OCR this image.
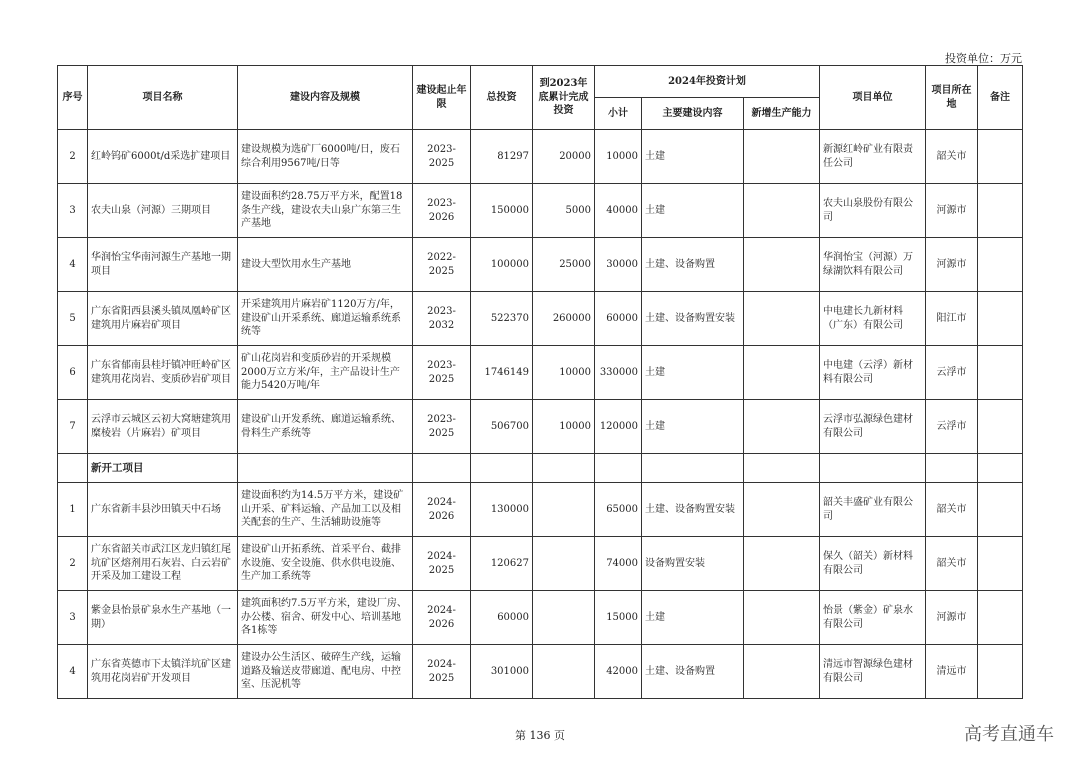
投资单位：万元
序号	项目名称	建设内容及规模	建设起止年限	总投资	到2023年底累计完成投资	2024年投资计划			项目单位	项目所在地	备注
						小计	主要建设内容	新增生产能力			
2	红岭钨矿6000t/d采选扩建项目	建设规模为选矿厂6000吨/日，废石综合利用9567吨/日等	2023-2025	81297	20000	10000	土建		新源红岭矿业有限责任公司	韶关市	
3	农夫山泉（河源）三期项目	建设面积约28.75万平方米，配置18条生产线，建设农夫山泉广东第三生产基地	2023-2026	150000	5000	40000	土建		农夫山泉股份有限公司	河源市	
4	华润怡宝华南河源生产基地一期项目	建设大型饮用水生产基地	2022-2025	100000	25000	30000	土建、设备购置		华润怡宝（河源）万绿湖饮料有限公司	河源市	
5	广东省阳西县溪头镇凤凰岭矿区建筑用片麻岩矿项目	开采建筑用片麻岩矿1120万方/年，建设矿山开采系统、廊道运输系统系统等	2023-2032	522370	260000	60000	土建、设备购置安装		中电建长九新材料（广东）有限公司	阳江市	
6	广东省郁南县桂圩镇冲旺岭矿区建筑用花岗岩、变质砂岩矿项目	矿山花岗岩和变质砂岩的开采规模2000万立方米/年，主产品设计生产能力5420万吨/年	2023-2025	1746149	10000	330000	土建		中电建（云浮）新材料有限公司	云浮市	
7	云浮市云城区云初大窝塘建筑用糜棱岩（片麻岩）矿项目	建设矿山开发系统、廊道运输系统、骨料生产系统等	2023-2025	506700	10000	120000	土建		云浮市弘源绿色建材有限公司	云浮市	
	新开工项目										
1	广东省新丰县沙田镇天中石场	建设面积约为14.5万平方米，建设矿山开采、矿料运输、产品加工以及相关配套的生产、生活辅助设施等	2024-2026	130000		65000	土建、设备购置安装		韶关丰盛矿业有限公司	韶关市	
2	广东省韶关市武江区龙归镇红尾坑矿区熔剂用石灰岩、白云岩矿开采及加工建设工程	建设矿山开拓系统、首采平台、截排水设施、安全设施、供水供电设施、生产加工系统等	2024-2025	120627		74000	设备购置安装		保久（韶关）新材料有限公司	韶关市	
3	紫金县怡景矿泉水生产基地（一期）	建筑面积约7.5万平方米，建设厂房、办公楼、宿舍、研发中心、培训基地各1栋等	2024-2026	60000		15000	土建		怡景（紫金）矿泉水有限公司	河源市	
4	广东省英德市下太镇洋坑矿区建筑用花岗岩矿开发项目	建设办公生活区、破碎生产线，运输道路及输送皮带廊道、配电房、中控室、压泥机等	2024-2025	301000		42000	土建、设备购置		清远市智源绿色建材有限公司	清远市	
第 136 页	高考直通车
